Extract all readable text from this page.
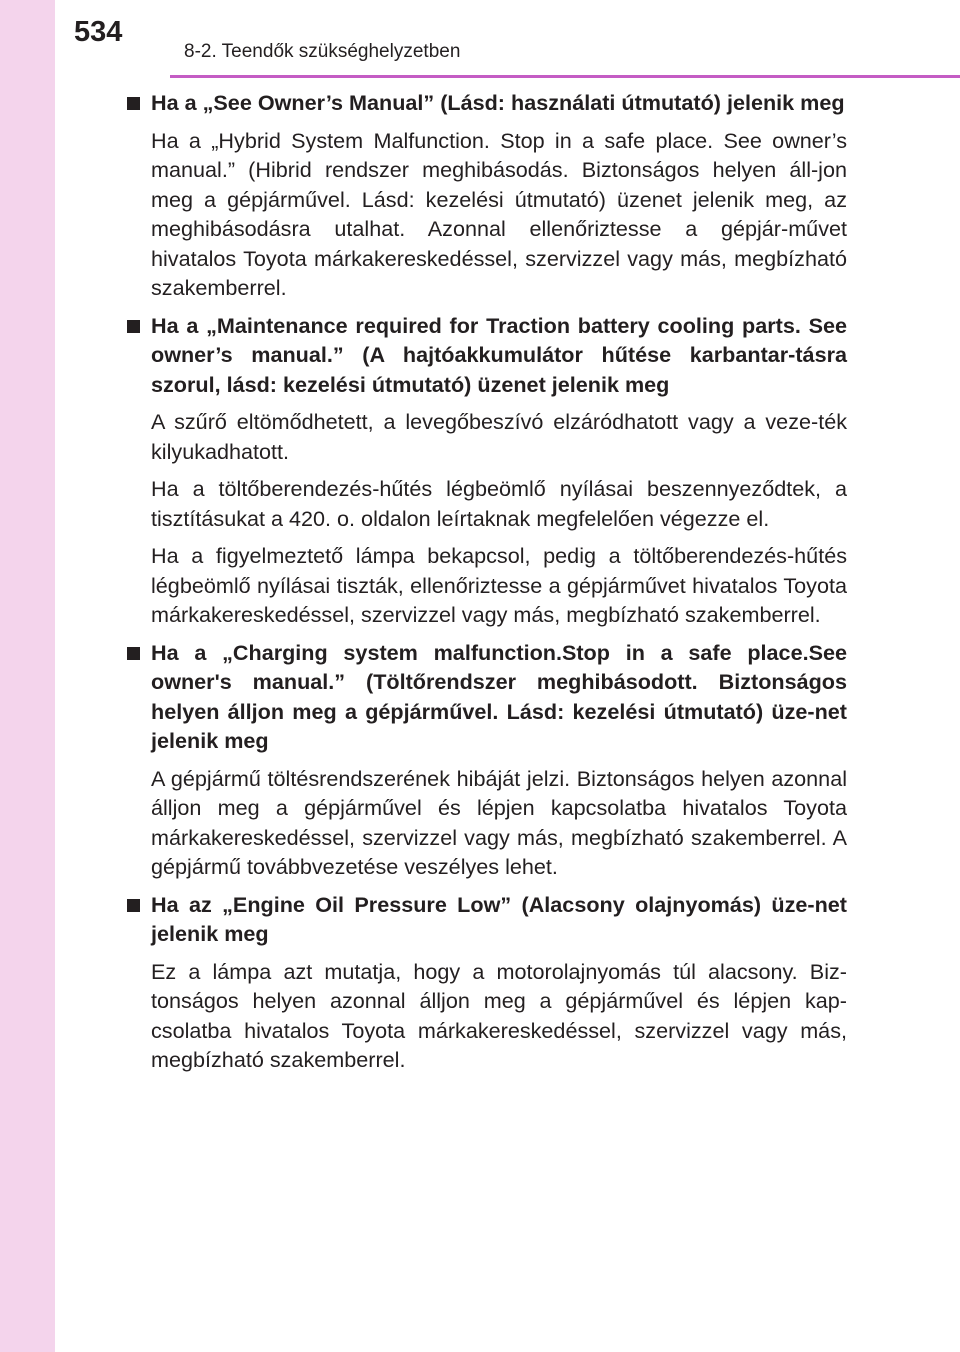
534
8-2. Teendők szükséghelyzetben
Ha a „See Owner’s Manual” (Lásd: használati útmutató) jelenik meg

Ha a „Hybrid System Malfunction. Stop in a safe place. See owner’s manual.” (Hibrid rendszer meghibásodás. Biztonságos helyen áll-jon meg a gépjárművel. Lásd: kezelési útmutató) üzenet jelenik meg, az meghibásodásra utalhat. Azonnal ellenőriztesse a gépjár-művet hivatalos Toyota márkakereskedéssel, szervizzel vagy más, megbízható szakemberrel.

Ha a „Maintenance required for Traction battery cooling parts. See owner’s manual.” (A hajtóakkumulátor hűtése karbantar-tásra szorul, lásd: kezelési útmutató) üzenet jelenik meg

A szűrő eltömődhetett, a levegőbeszívó elzáródhatott vagy a veze-ték kilyukadhatott.

Ha a töltőberendezés-hűtés légbeömlő nyílásai beszennyeződtek, a tisztításukat a 420. o. oldalon leírtaknak megfelelően végezze el.

Ha a figyelmeztető lámpa bekapcsol, pedig a töltőberendezés-hűtés légbeömlő nyílásai tiszták, ellenőriztesse a gépjárművet hivatalos Toyota márkakereskedéssel, szervizzel vagy más, megbízható szakemberrel.

Ha a „Charging system malfunction.Stop in a safe place.See owner's manual.” (Töltőrendszer meghibásodott. Biztonságos helyen álljon meg a gépjárművel. Lásd: kezelési útmutató) üze-net jelenik meg

A gépjármű töltésrendszerének hibáját jelzi. Biztonságos helyen azonnal álljon meg a gépjárművel és lépjen kapcsolatba hivatalos Toyota márkakereskedéssel, szervizzel vagy más, megbízható szakemberrel. A gépjármű továbbvezetése veszélyes lehet.

Ha az „Engine Oil Pressure Low” (Alacsony olajnyomás) üze-net jelenik meg

Ez a lámpa azt mutatja, hogy a motorolajnyomás túl alacsony. Biz-tonságos helyen azonnal álljon meg a gépjárművel és lépjen kap-csolatba hivatalos Toyota márkakereskedéssel, szervizzel vagy más, megbízható szakemberrel.
